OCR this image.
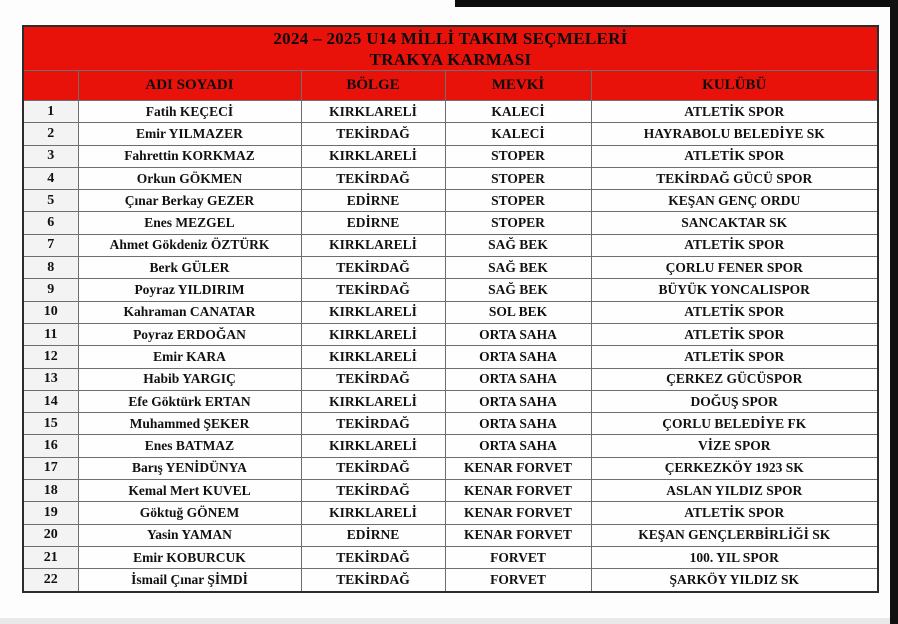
2024 – 2025 U14 MİLLİ TAKIM SEÇMELERİ
TRAKYA KARMASI				

	ADI SOYADI	BÖLGE	MEVKİ	KULÜBÜ
1	Fatih KEÇECİ	KIRKLARELİ	KALECİ	ATLETİK SPOR
2	Emir YILMAZER	TEKİRDAĞ	KALECİ	HAYRABOLU BELEDİYE SK
3	Fahrettin KORKMAZ	KIRKLARELİ	STOPER	ATLETİK SPOR
4	Orkun GÖKMEN	TEKİRDAĞ	STOPER	TEKİRDAĞ GÜCÜ SPOR
5	Çınar Berkay GEZER	EDİRNE	STOPER	KEŞAN GENÇ ORDU
6	Enes MEZGEL	EDİRNE	STOPER	SANCAKTAR SK
7	Ahmet Gökdeniz ÖZTÜRK	KIRKLARELİ	SAĞ BEK	ATLETİK SPOR
8	Berk GÜLER	TEKİRDAĞ	SAĞ BEK	ÇORLU FENER SPOR
9	Poyraz YILDIRIM	TEKİRDAĞ	SAĞ BEK	BÜYÜK YONCALISPOR
10	Kahraman CANATAR	KIRKLARELİ	SOL BEK	ATLETİK SPOR
11	Poyraz ERDOĞAN	KIRKLARELİ	ORTA SAHA	ATLETİK SPOR
12	Emir KARA	KIRKLARELİ	ORTA SAHA	ATLETİK SPOR
13	Habib YARGIÇ	TEKİRDAĞ	ORTA SAHA	ÇERKEZ GÜCÜSPOR
14	Efe Göktürk ERTAN	KIRKLARELİ	ORTA SAHA	DOĞUŞ SPOR
15	Muhammed ŞEKER	TEKİRDAĞ	ORTA SAHA	ÇORLU BELEDİYE FK
16	Enes BATMAZ	KIRKLARELİ	ORTA SAHA	VİZE SPOR
17	Barış YENİDÜNYA	TEKİRDAĞ	KENAR FORVET	ÇERKEZKÖY 1923 SK
18	Kemal Mert KUVEL	TEKİRDAĞ	KENAR FORVET	ASLAN YILDIZ SPOR
19	Göktuğ GÖNEM	KIRKLARELİ	KENAR FORVET	ATLETİK SPOR
20	Yasin YAMAN	EDİRNE	KENAR FORVET	KEŞAN GENÇLERBİRLİĞİ SK
21	Emir KOBURCUK	TEKİRDAĞ	FORVET	100. YIL SPOR
22	İsmail Çınar ŞİMDİ	TEKİRDAĞ	FORVET	ŞARKÖY YILDIZ SK
